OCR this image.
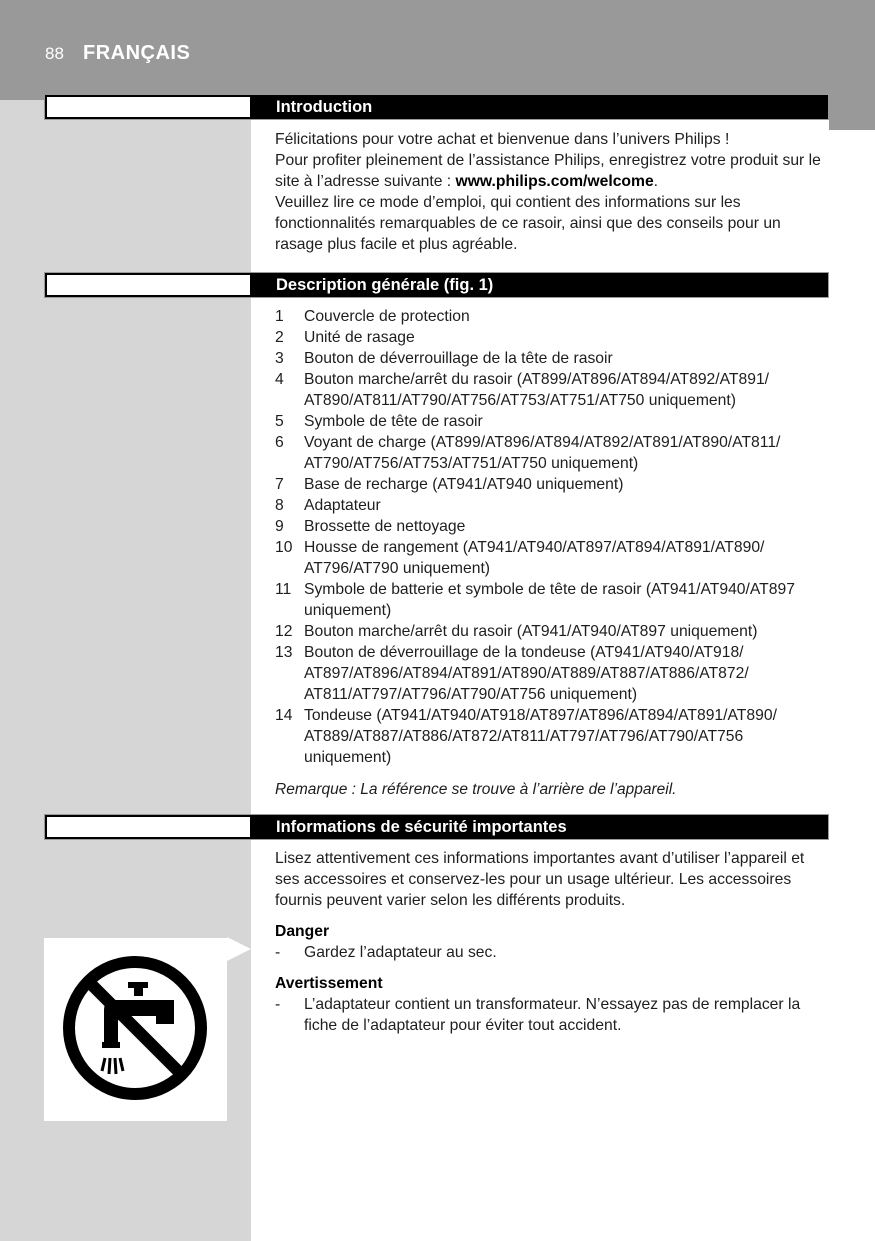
88 FRANÇAIS
Introduction

Félicitations pour votre achat et bienvenue dans l’univers Philips !

Pour profiter pleinement de l’assistance Philips, enregistrez votre produit sur le site à l’adresse suivante : www.philips.com/welcome.

Veuillez lire ce mode d’emploi, qui contient des informations sur les fonctionnalités remarquables de ce rasoir, ainsi que des conseils pour un rasage plus facile et plus agréable.

Description générale (fig. 1)
1 Couvercle de protection
2 Unité de rasage
3 Bouton de déverrouillage de la tête de rasoir
4 Bouton marche/arrêt du rasoir (AT899/AT896/AT894/AT892/AT891/ AT890/AT811/AT790/AT756/AT753/AT751/AT750 uniquement)
5 Symbole de tête de rasoir
6 Voyant de charge (AT899/AT896/AT894/AT892/AT891/AT890/AT811/ AT790/AT756/AT753/AT751/AT750 uniquement)
7 Base de recharge (AT941/AT940 uniquement)
8 Adaptateur
9 Brossette de nettoyage
10 Housse de rangement (AT941/AT940/AT897/AT894/AT891/AT890/ AT796/AT790 uniquement)
11 Symbole de batterie et symbole de tête de rasoir (AT941/AT940/AT897 uniquement)
12 Bouton marche/arrêt du rasoir (AT941/AT940/AT897 uniquement)
13 Bouton de déverrouillage de la tondeuse (AT941/AT940/AT918/ AT897/AT896/AT894/AT891/AT890/AT889/AT887/AT886/AT872/ AT811/AT797/AT796/AT790/AT756 uniquement)
14 Tondeuse (AT941/AT940/AT918/AT897/AT896/AT894/AT891/AT890/ AT889/AT887/AT886/AT872/AT811/AT797/AT796/AT790/AT756 uniquement)

Remarque : La référence se trouve à l’arrière de l’appareil.

Informations de sécurité importantes

Lisez attentivement ces informations importantes avant d’utiliser l’appareil et ses accessoires et conservez-les pour un usage ultérieur. Les accessoires fournis peuvent varier selon les différents produits.

Danger

- Gardez l’adaptateur au sec.

Avertissement

- L’adaptateur contient un transformateur. N’essayez pas de remplacer la fiche de l’adaptateur pour éviter tout accident.
